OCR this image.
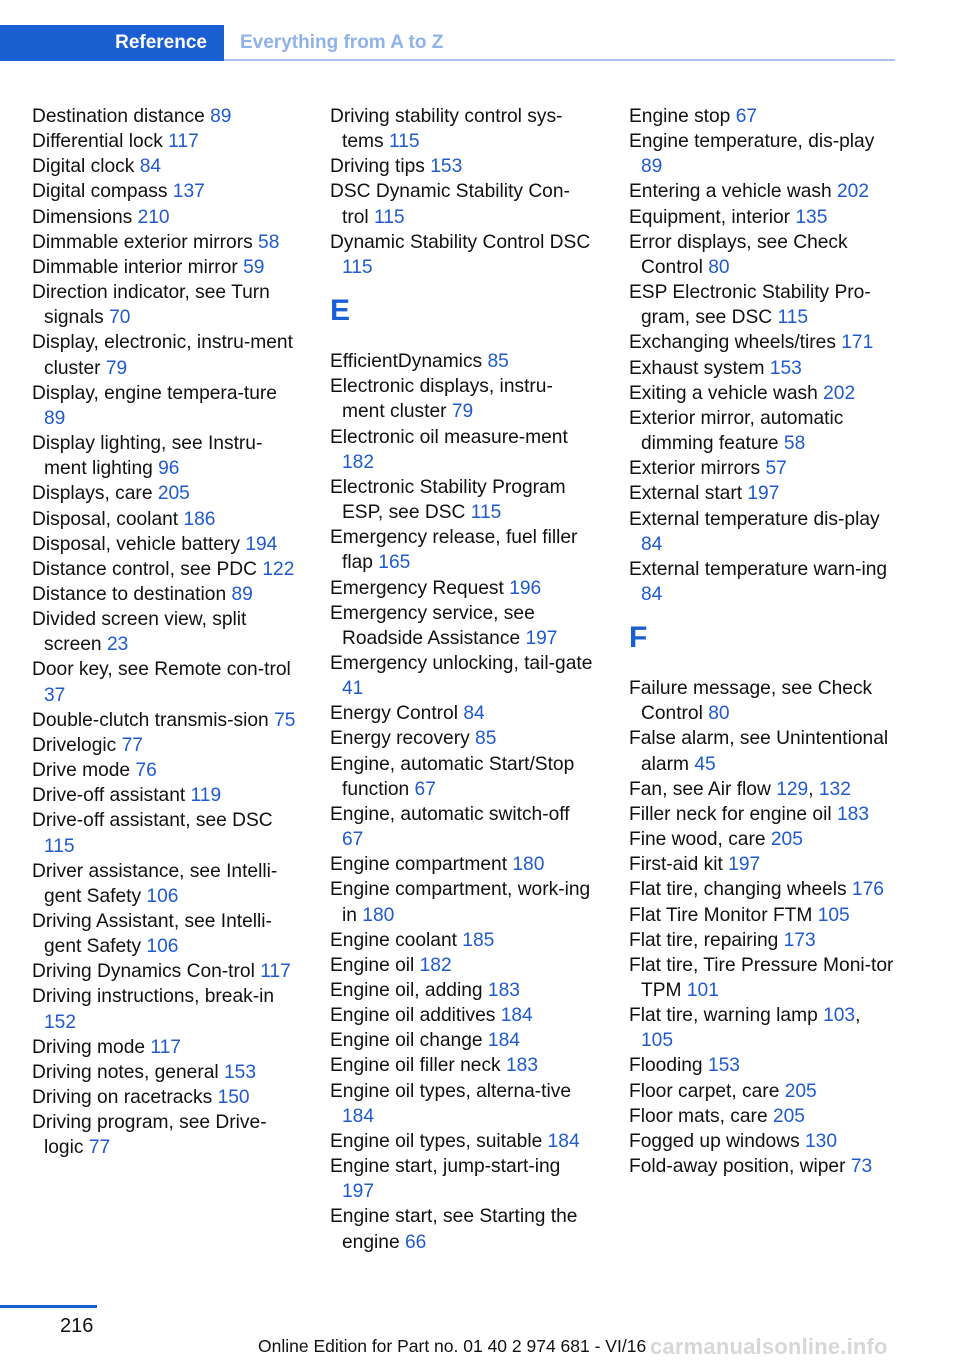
Reference	Everything from A to Z
Destination distance 89
Differential lock 117
Digital clock 84
Digital compass 137
Dimensions 210
Dimmable exterior mirrors 58
Dimmable interior mirror 59
Direction indicator, see Turn signals 70
Display, electronic, instru-ment cluster 79
Display, engine tempera-ture 89
Display lighting, see Instru-ment lighting 96
Displays, care 205
Disposal, coolant 186
Disposal, vehicle battery 194
Distance control, see PDC 122
Distance to destination 89
Divided screen view, split screen 23
Door key, see Remote con-trol 37
Double-clutch transmis-sion 75
Drivelogic 77
Drive mode 76
Drive-off assistant 119
Drive-off assistant, see DSC 115
Driver assistance, see Intelli-gent Safety 106
Driving Assistant, see Intelli-gent Safety 106
Driving Dynamics Con-trol 117
Driving instructions, break-in 152
Driving mode 117
Driving notes, general 153
Driving on racetracks 150
Driving program, see Drive-logic 77
Driving stability control sys-tems 115
Driving tips 153
DSC Dynamic Stability Con-trol 115
Dynamic Stability Control DSC 115
E
EfficientDynamics 85
Electronic displays, instru-ment cluster 79
Electronic oil measure-ment 182
Electronic Stability Program ESP, see DSC 115
Emergency release, fuel filler flap 165
Emergency Request 196
Emergency service, see Roadside Assistance 197
Emergency unlocking, tail-gate 41
Energy Control 84
Energy recovery 85
Engine, automatic Start/Stop function 67
Engine, automatic switch-off 67
Engine compartment 180
Engine compartment, work-ing in 180
Engine coolant 185
Engine oil 182
Engine oil, adding 183
Engine oil additives 184
Engine oil change 184
Engine oil filler neck 183
Engine oil types, alterna-tive 184
Engine oil types, suitable 184
Engine start, jump-start-ing 197
Engine start, see Starting the engine 66
Engine stop 67
Engine temperature, dis-play 89
Entering a vehicle wash 202
Equipment, interior 135
Error displays, see Check Control 80
ESP Electronic Stability Pro-gram, see DSC 115
Exchanging wheels/tires 171
Exhaust system 153
Exiting a vehicle wash 202
Exterior mirror, automatic dimming feature 58
Exterior mirrors 57
External start 197
External temperature dis-play 84
External temperature warn-ing 84
F
Failure message, see Check Control 80
False alarm, see Unintentional alarm 45
Fan, see Air flow 129, 132
Filler neck for engine oil 183
Fine wood, care 205
First-aid kit 197
Flat tire, changing wheels 176
Flat Tire Monitor FTM 105
Flat tire, repairing 173
Flat tire, Tire Pressure Moni-tor TPM 101
Flat tire, warning lamp 103, 105
Flooding 153
Floor carpet, care 205
Floor mats, care 205
Fogged up windows 130
Fold-away position, wiper 73
216
Online Edition for Part no. 01 40 2 974 681 - VI/16 carmanualsonline.info
